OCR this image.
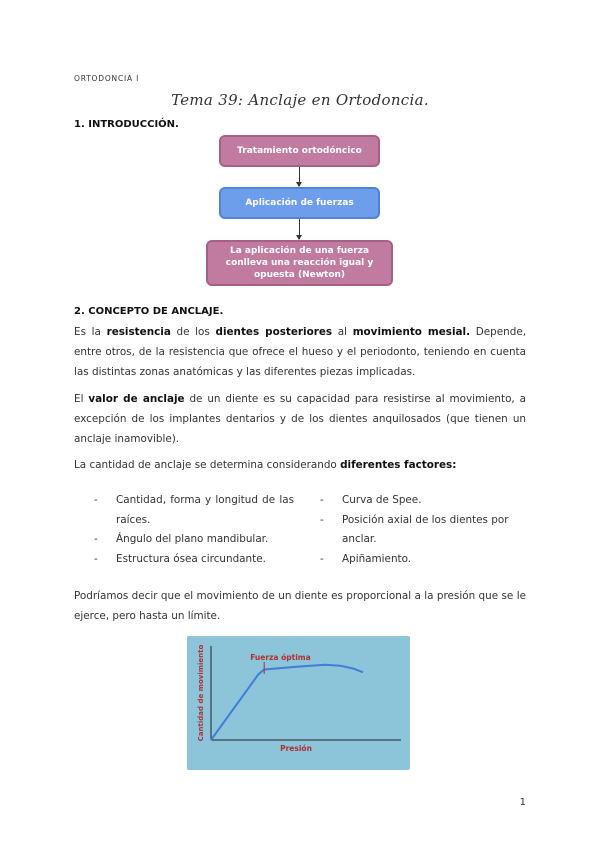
ORTODONCIA I
Tema 39: Anclaje en Ortodoncia.
1. INTRODUCCIÓN.
Tratamiento ortodóncico
Aplicación de fuerzas
La aplicación de una fuerza conlleva una reacción igual y opuesta (Newton)
2. CONCEPTO DE ANCLAJE.
Es la resistencia de los dientes posteriores al movimiento mesial. Depende, entre otros, de la resistencia que ofrece el hueso y el periodonto, teniendo en cuenta las distintas zonas anatómicas y las diferentes piezas implicadas.
El valor de anclaje de un diente es su capacidad para resistirse al movimiento, a excepción de los implantes dentarios y de los dientes anquilosados (que tienen un anclaje inamovible).
La cantidad de anclaje se determina considerando diferentes factores:
- Cantidad, forma y longitud de las raíces.
- Ángulo del plano mandibular.
- Estructura ósea circundante.
- Curva de Spee.
- Posición axial de los dientes por anclar.
- Apiñamiento.
Podríamos decir que el movimiento de un diente es proporcional a la presión que se le ejerce, pero hasta un límite.
Fuerza óptima
Cantidad de movimiento
Presión
1
